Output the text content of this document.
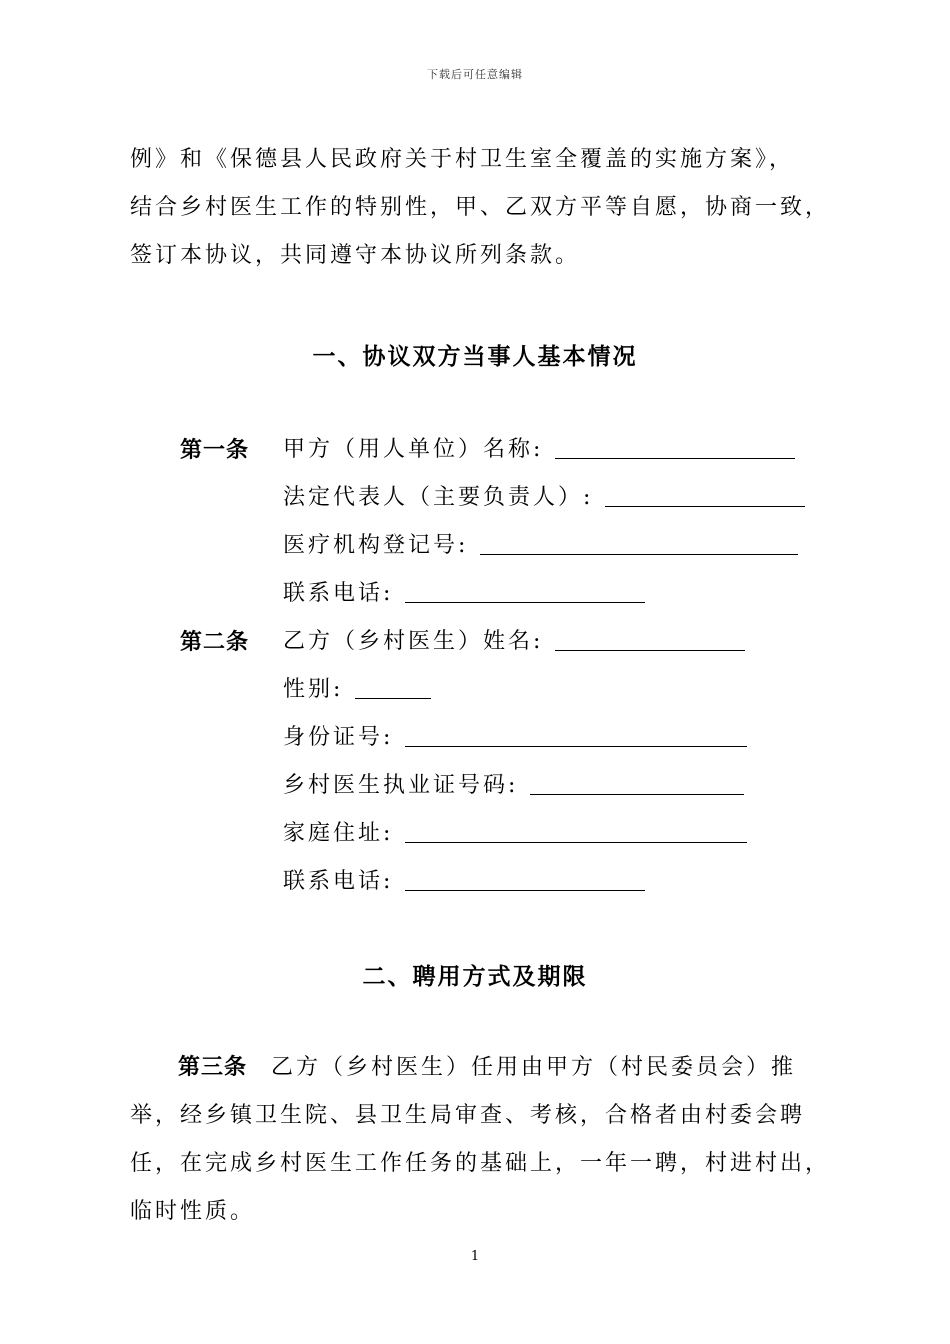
下载后可任意编辑
例》和《保德县人民政府关于村卫生室全覆盖的实施方案》，
结合乡村医生工作的特别性，甲、乙双方平等自愿，协商一致，
签订本协议，共同遵守本协议所列条款。
一、协议双方当事人基本情况
第一条 甲方（用人单位）名称:
法定代表人（主要负责人）:
医疗机构登记号:
联系电话:
第二条 乙方（乡村医生）姓名:
性别:
身份证号:
乡村医生执业证号码:
家庭住址:
联系电话:
二、聘用方式及期限
第三条 乙方（乡村医生）任用由甲方（村民委员会）推
举，经乡镇卫生院、县卫生局审查、考核，合格者由村委会聘
任，在完成乡村医生工作任务的基础上，一年一聘，村进村出，
临时性质。
1
